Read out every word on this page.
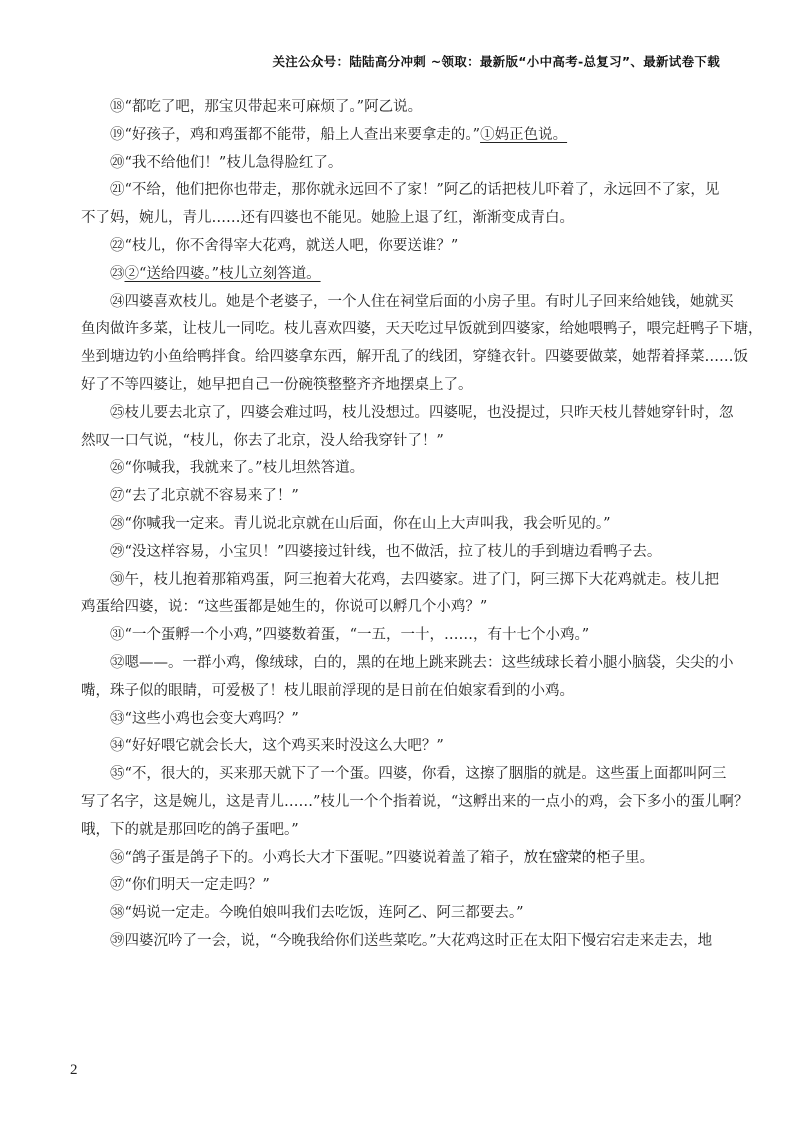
关注公众号：陆陆高分冲刺 ~领取：最新版“小中高考-总复习”、最新试卷下载
⑱“都吃了吧，那宝贝带起来可麻烦了。”阿乙说。
⑲“好孩子，鸡和鸡蛋都不能带，船上人查出来要拿走的。”①妈正色说。
⑳“我不给他们！”枝儿急得脸红了。
㉑“不给，他们把你也带走，那你就永远回不了家！”阿乙的话把枝儿吓着了，永远回不了家，见
不了妈，婉儿，青儿……还有四婆也不能见。她脸上退了红，渐渐变成青白。
㉒“枝儿，你不舍得宰大花鸡，就送人吧，你要送谁？”
㉓②“送给四婆。”枝儿立刻答道。
㉔四婆喜欢枝儿。她是个老婆子，一个人住在祠堂后面的小房子里。有时儿子回来给她钱，她就买
鱼肉做许多菜，让枝儿一同吃。枝儿喜欢四婆，天天吃过早饭就到四婆家，给她喂鸭子，喂完赶鸭子下塘，
坐到塘边钓小鱼给鸭拌食。给四婆拿东西，解开乱了的线团，穿缝衣针。四婆要做菜，她帮着择菜……饭
好了不等四婆让，她早把自己一份碗筷整整齐齐地摆桌上了。
㉕枝儿要去北京了，四婆会难过吗，枝儿没想过。四婆呢，也没提过，只昨天枝儿替她穿针时，忽
然叹一口气说，“枝儿，你去了北京，没人给我穿针了！”
㉖“你喊我，我就来了。”枝儿坦然答道。
㉗“去了北京就不容易来了！”
㉘“你喊我一定来。青儿说北京就在山后面，你在山上大声叫我，我会听见的。”
㉙“没这样容易，小宝贝！”四婆接过针线，也不做活，拉了枝儿的手到塘边看鸭子去。
㉚午，枝儿抱着那箱鸡蛋，阿三抱着大花鸡，去四婆家。进了门，阿三掷下大花鸡就走。枝儿把
鸡蛋给四婆，说：“这些蛋都是她生的，你说可以孵几个小鸡？”
㉛“一个蛋孵一个小鸡，”四婆数着蛋，“一五，一十，……，有十七个小鸡。”
㉜嗯——。一群小鸡，像绒球，白的，黑的在地上跳来跳去：这些绒球长着小腿小脑袋，尖尖的小
嘴，珠子似的眼睛，可爱极了！枝儿眼前浮现的是日前在伯娘家看到的小鸡。
㉝“这些小鸡也会变大鸡吗？”
㉞“好好喂它就会长大，这个鸡买来时没这么大吧？”
㉟“不，很大的，买来那天就下了一个蛋。四婆，你看，这擦了胭脂的就是。这些蛋上面都叫阿三
写了名字，这是婉儿，这是青儿……”枝儿一个个指着说，“这孵出来的一点小的鸡，会下多小的蛋儿啊？
哦，下的就是那回吃的鸽子蛋吧。”
㊱“鸽子蛋是鸽子下的。小鸡长大才下蛋呢。”四婆说着盖了箱子，······· 放在盛菜的柜子里。
㊲“你们明天一定走吗？”
㊳“妈说一定走。今晚伯娘叫我们去吃饭，连阿乙、阿三都要去。”
㊴四婆沉吟了一会，说，“今晚我给你们送些菜吃。”大花鸡这时正在太阳下慢宕宕走来走去，地
2
